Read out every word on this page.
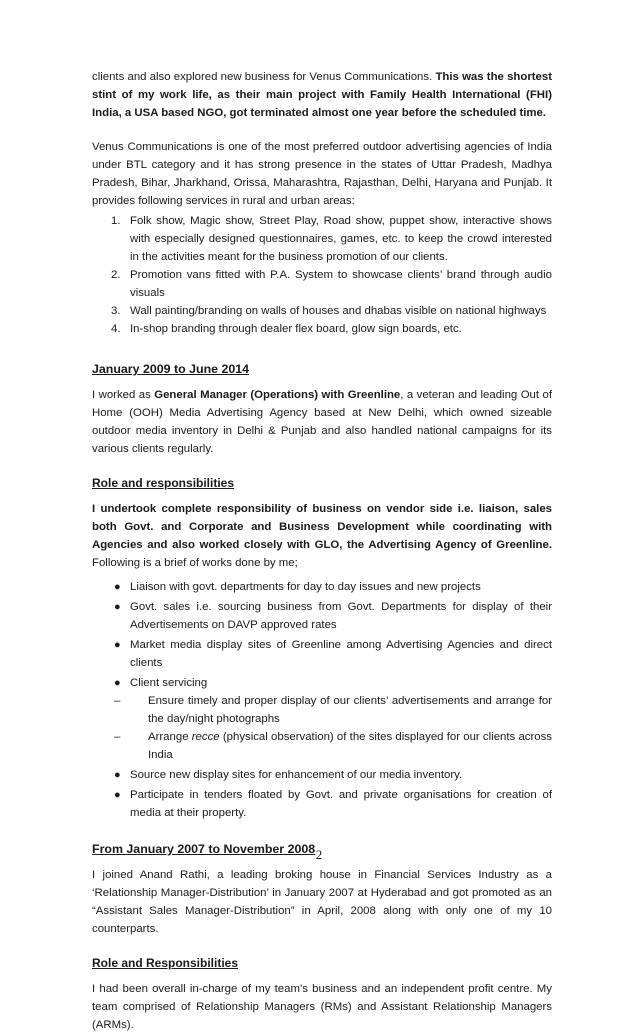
clients and also explored new business for Venus Communications. This was the shortest stint of my work life, as their main project with Family Health International (FHI) India, a USA based NGO, got terminated almost one year before the scheduled time.

Venus Communications is one of the most preferred outdoor advertising agencies of India under BTL category and it has strong presence in the states of Uttar Pradesh, Madhya Pradesh, Bihar, Jharkhand, Orissa, Maharashtra, Rajasthan, Delhi, Haryana and Punjab. It provides following services in rural and urban areas:

1. Folk show, Magic show, Street Play, Road show, puppet show, interactive shows with especially designed questionnaires, games, etc. to keep the crowd interested in the activities meant for the business promotion of our clients.
2. Promotion vans fitted with P.A. System to showcase clients’ brand through audio visuals
3. Wall painting/branding on walls of houses and dhabas visible on national highways
4. In-shop branding through dealer flex board, glow sign boards, etc.

January 2009 to June 2014

I worked as General Manager (Operations) with Greenline, a veteran and leading Out of Home (OOH) Media Advertising Agency based at New Delhi, which owned sizeable outdoor media inventory in Delhi & Punjab and also handled national campaigns for its various clients regularly.

Role and responsibilities

I undertook complete responsibility of business on vendor side i.e. liaison, sales both Govt. and Corporate and Business Development while coordinating with Agencies and also worked closely with GLO, the Advertising Agency of Greenline. Following is a brief of works done by me;

● Liaison with govt. departments for day to day issues and new projects
● Govt. sales i.e. sourcing business from Govt. Departments for display of their Advertisements on DAVP approved rates
● Market media display sites of Greenline among Advertising Agencies and direct clients
● Client servicing
– Ensure timely and proper display of our clients’ advertisements and arrange for the day/night photographs
– Arrange recce (physical observation) of the sites displayed for our clients across India
● Source new display sites for enhancement of our media inventory.
● Participate in tenders floated by Govt. and private organisations for creation of media at their property.

From January 2007 to November 2008

I joined Anand Rathi, a leading broking house in Financial Services Industry as a ‘Relationship Manager-Distribution’ in January 2007 at Hyderabad and got promoted as an “Assistant Sales Manager-Distribution” in April, 2008 along with only one of my 10 counterparts.

Role and Responsibilities

I had been overall in-charge of my team’s business and an independent profit centre. My team comprised of Relationship Managers (RMs) and Assistant Relationship Managers (ARMs).

2
